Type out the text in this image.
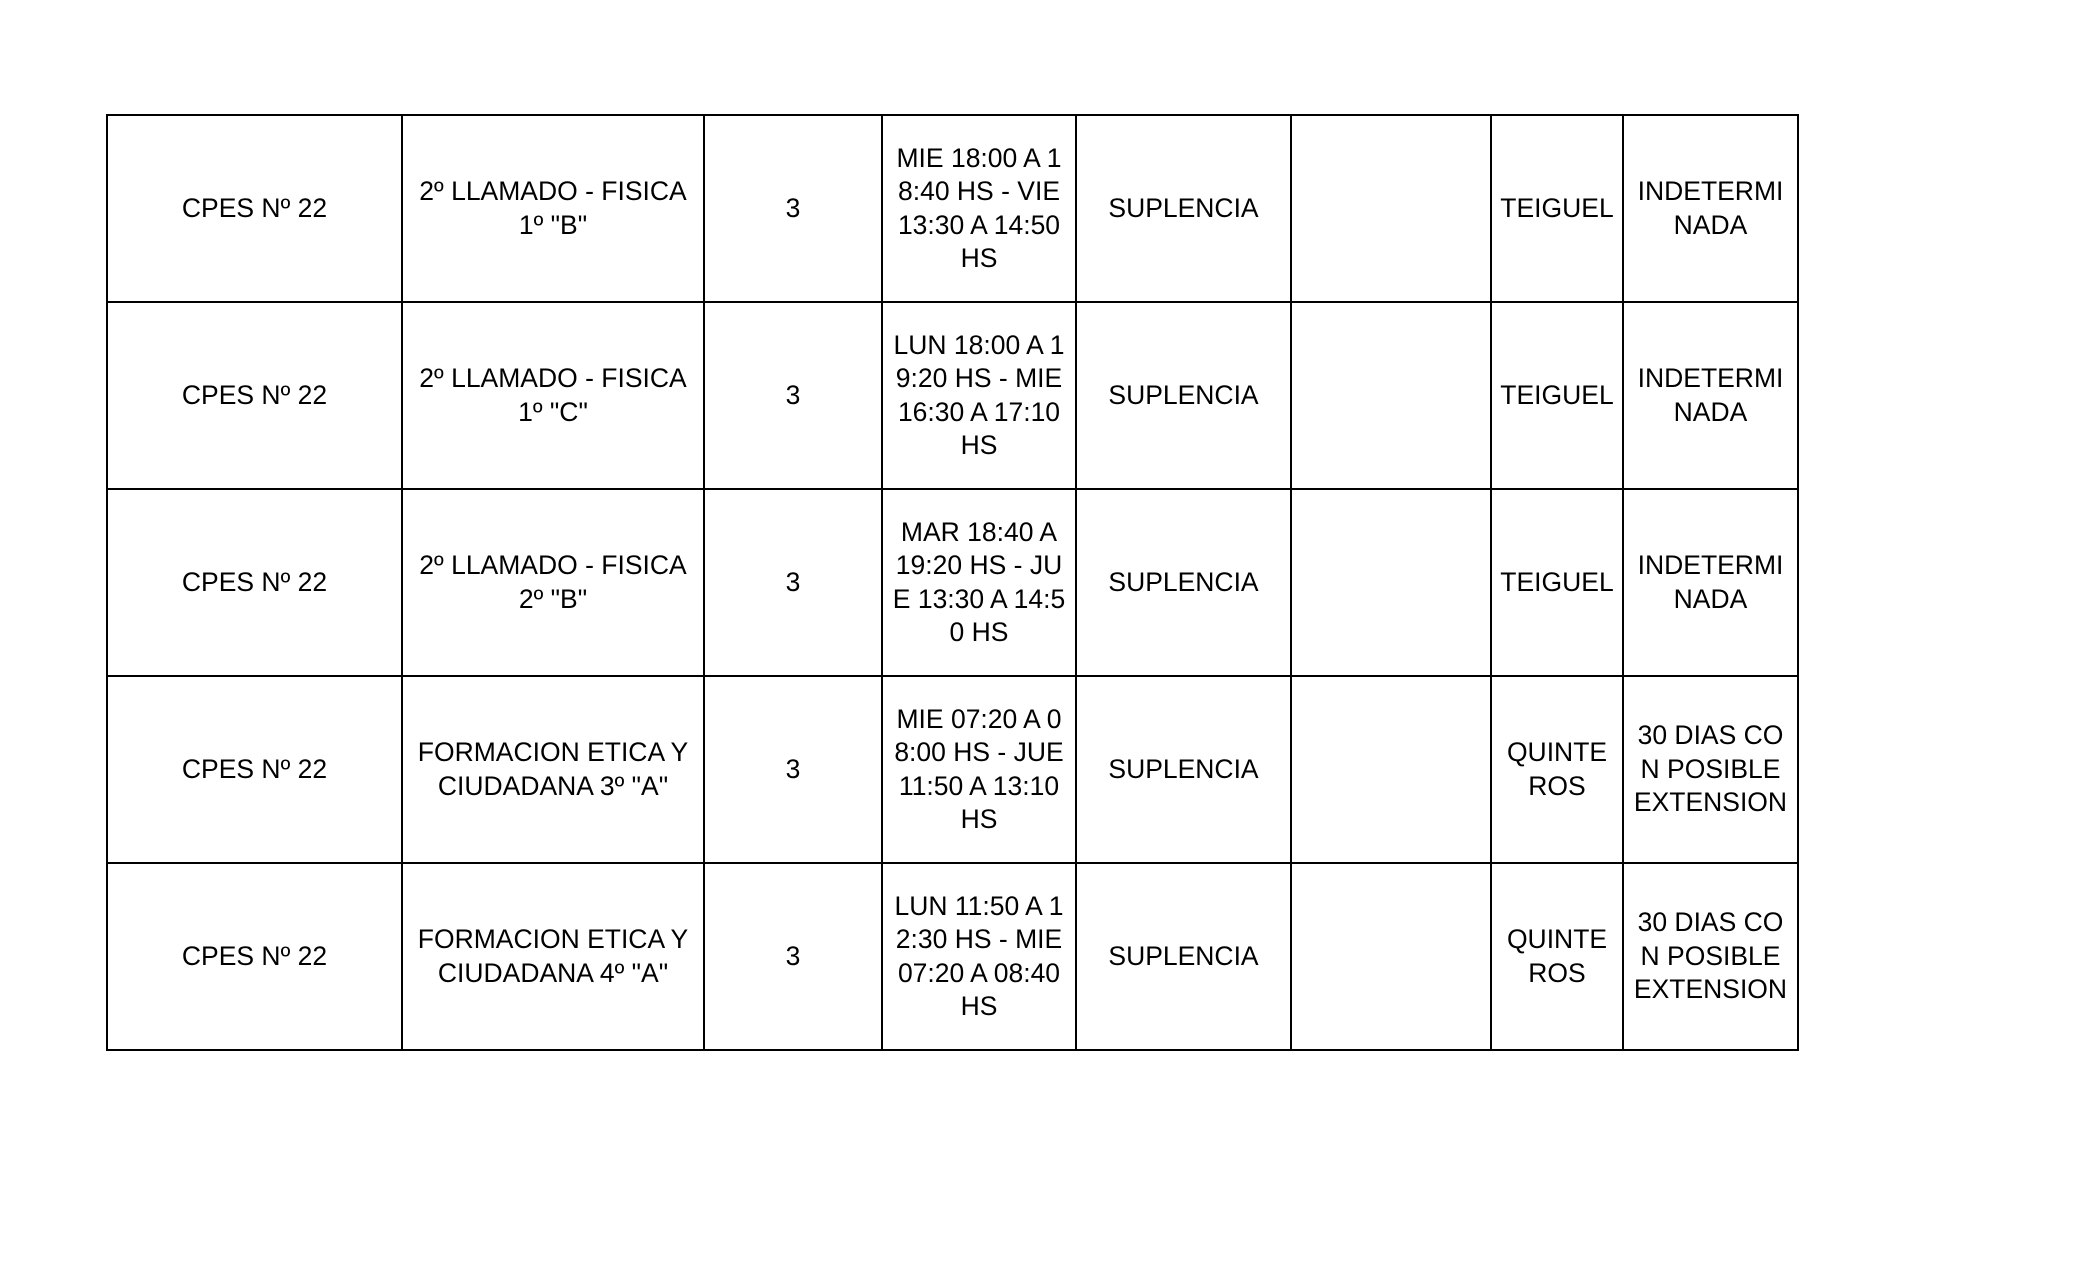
CPES Nº 22	2º LLAMADO - FISICA 1º "B"	3	MIE 18:00 A 18:40 HS - VIE 13:30 A 14:50 HS	SUPLENCIA		TEIGUEL	INDETERMINADA

CPES Nº 22	2º LLAMADO - FISICA 1º "C"	3	LUN 18:00 A 19:20 HS - MIE 16:30 A 17:10 HS	SUPLENCIA		TEIGUEL	INDETERMINADA

CPES Nº 22	2º LLAMADO - FISICA 2º "B"	3	MAR 18:40 A 19:20 HS - JUE 13:30 A 14:50 HS	SUPLENCIA		TEIGUEL	INDETERMINADA

CPES Nº 22	FORMACION ETICA Y CIUDADANA 3º "A"	3	MIE 07:20 A 08:00 HS - JUE 11:50 A 13:10 HS	SUPLENCIA		QUINTEROS	30 DIAS CON POSIBLE EXTENSION

CPES Nº 22	FORMACION ETICA Y CIUDADANA 4º "A"	3	LUN 11:50 A 12:30 HS - MIE 07:20 A 08:40 HS	SUPLENCIA		QUINTEROS	30 DIAS CON POSIBLE EXTENSION
